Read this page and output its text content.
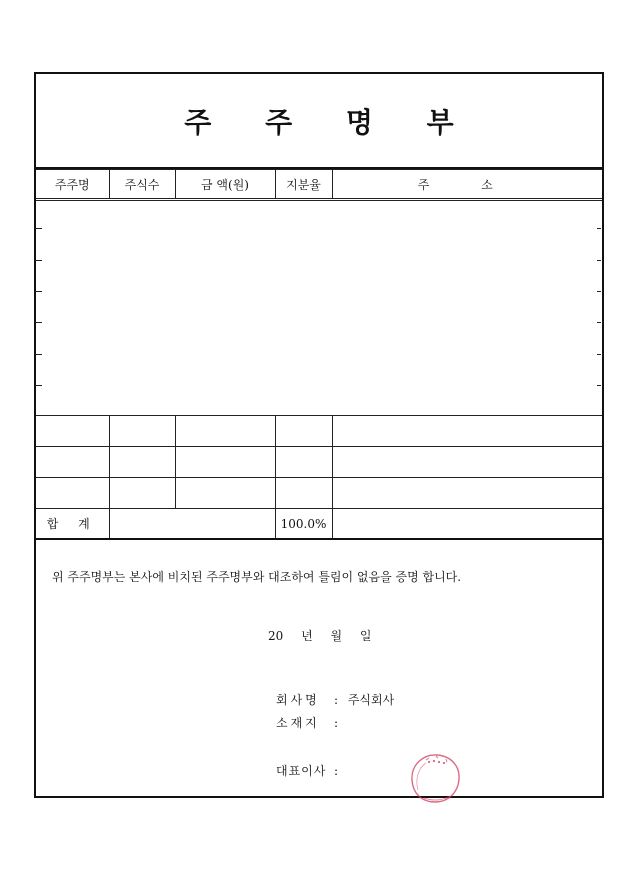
주 주 명 부
주주명	주식수	금 액(원)	지분율	주 소

합 계			100.0%	
위 주주명부는 본사에 비치된 주주명부와 대조하여 틀림이 없음을 증명 합니다.
20 년 월 일
회사명 : 주식회사
소재지 :
대표이사 :
